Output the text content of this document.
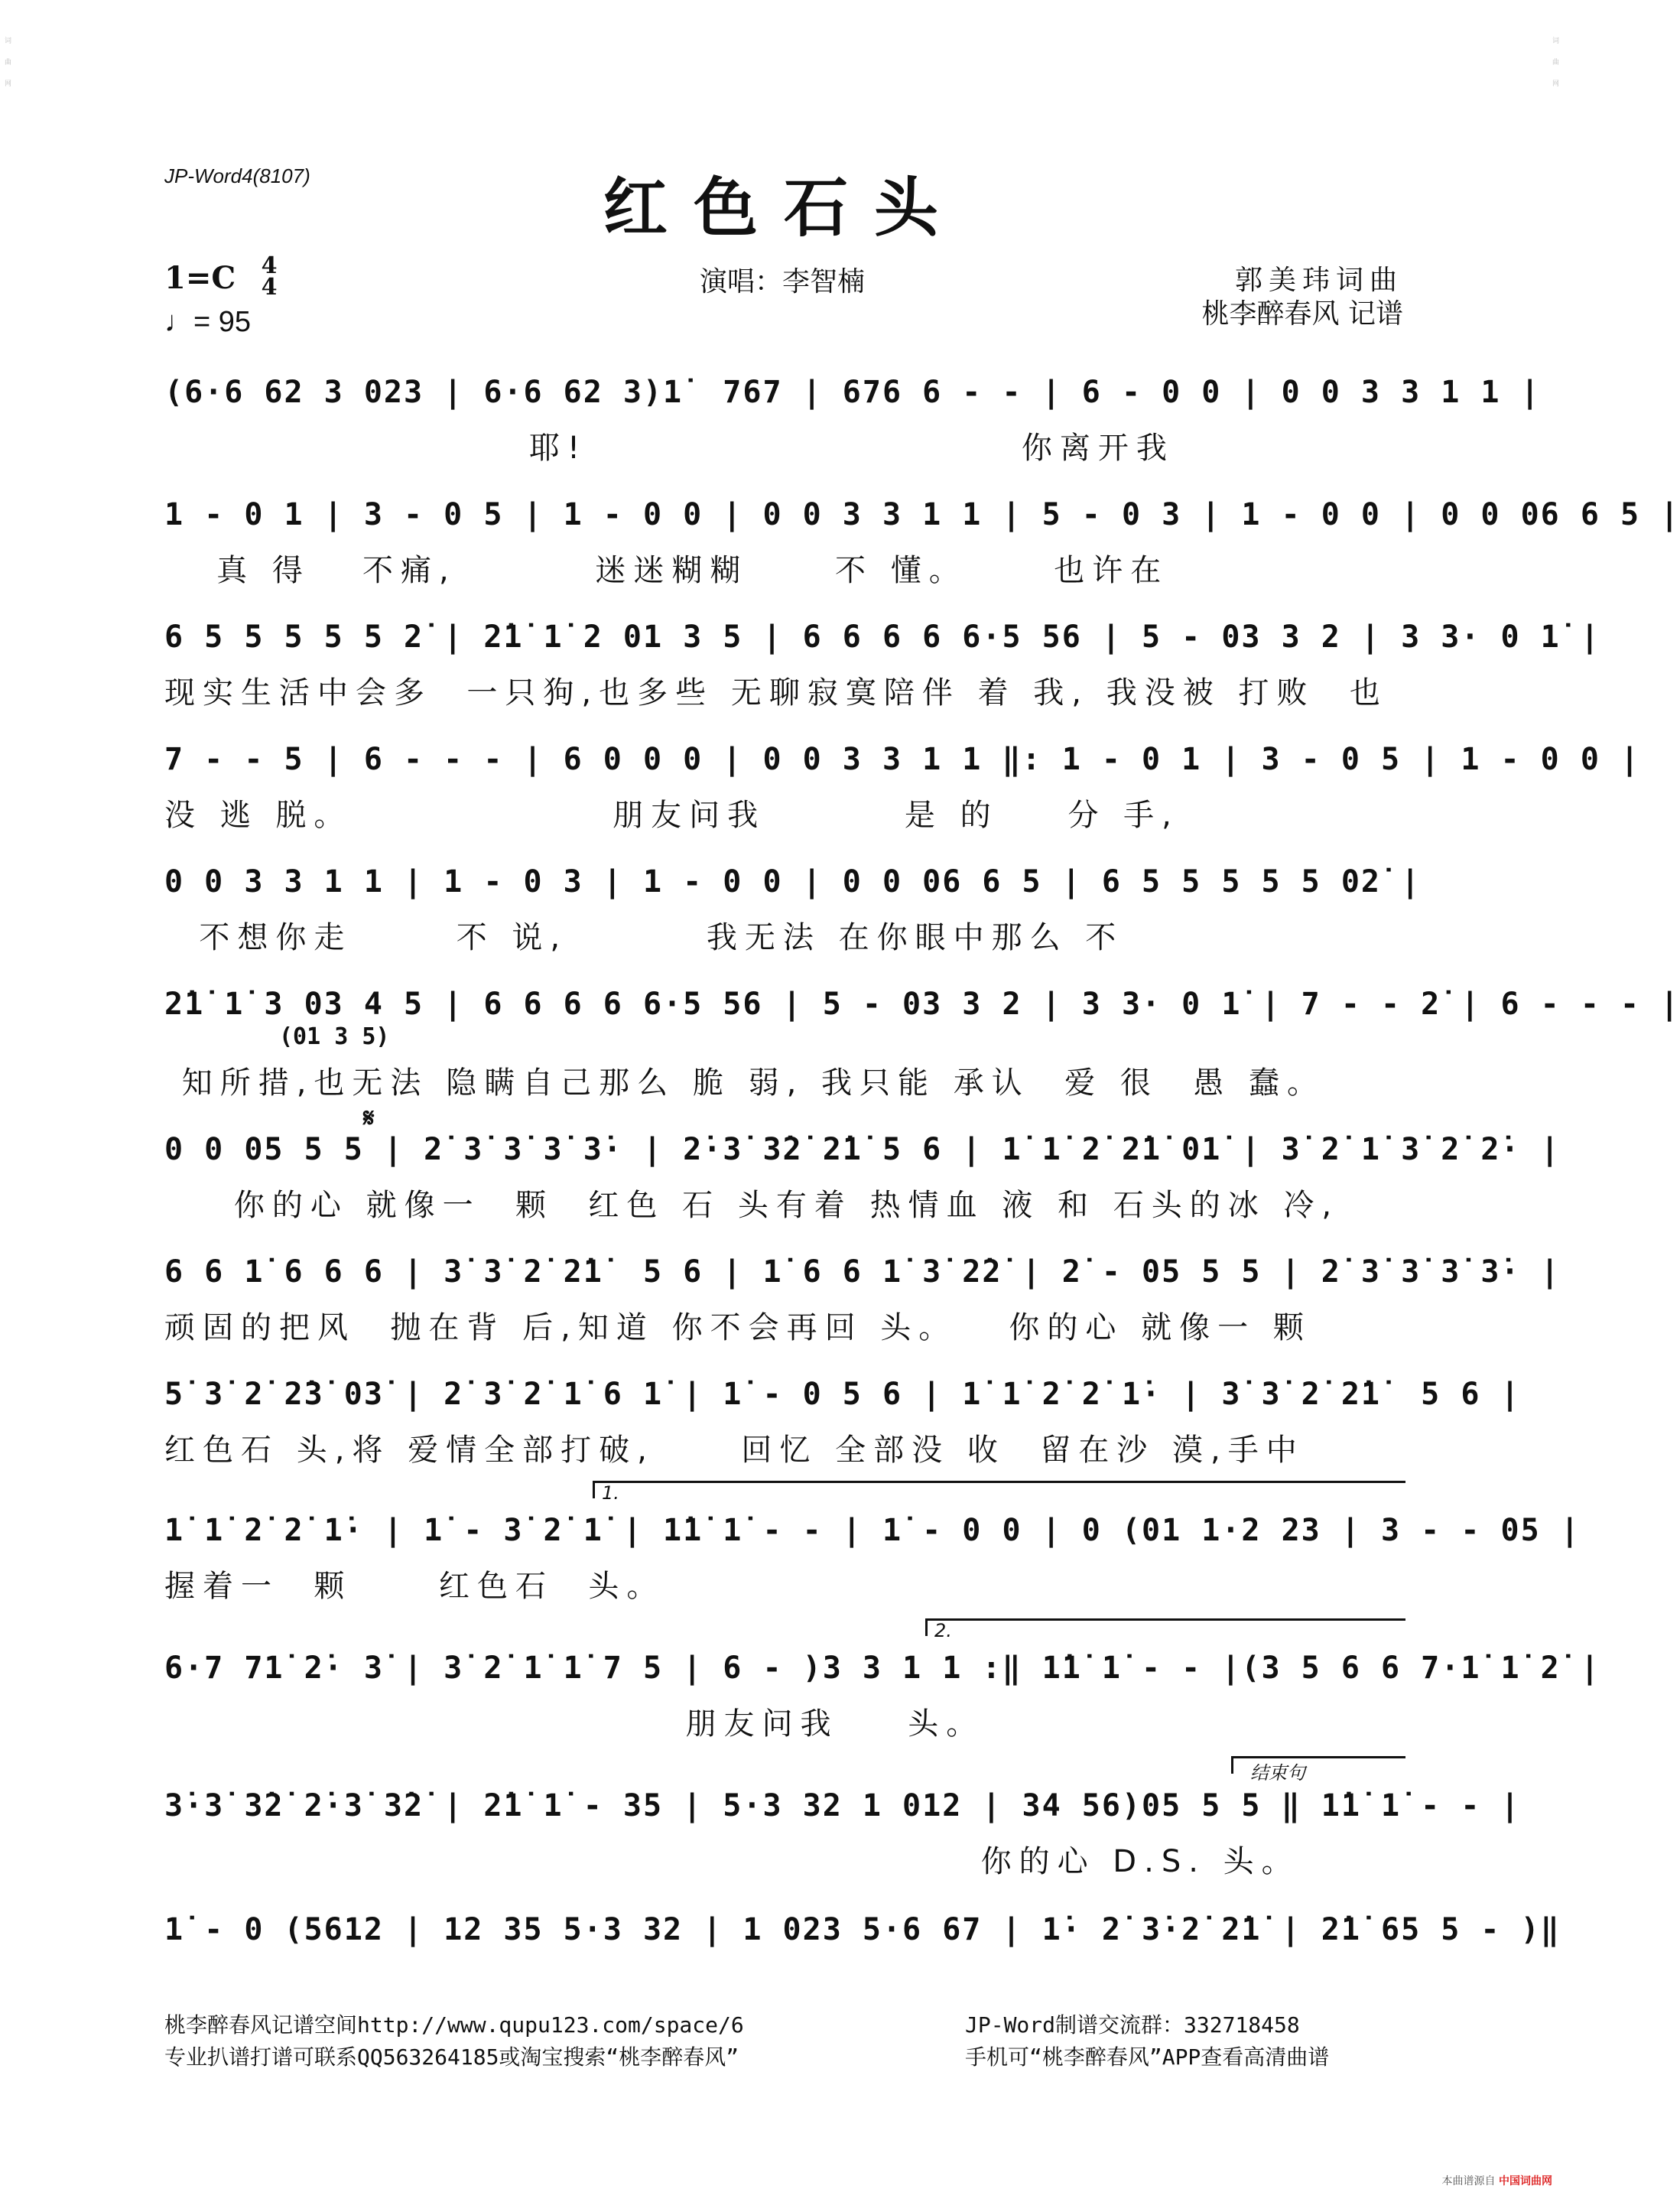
词曲网
词曲网
JP-Word4(8107)	红色石头
1=C 4
4
♩= 95
演唱：李智楠	郭美玮词曲
桃李醉春风 记谱
(6·6 62 3 023 | 6·6 62 3)1̇  767 | 676 6 - - | 6 - 0 0 | 0 0 3 3 1 1 |
耶!                         你离开我
1 - 0 1 | 3 - 0 5 | 1 - 0 0 | 0 0 3 3 1 1 | 5 - 0 3 | 1 - 0 0 | 0 0 06 6 5 |
真 得   不痛,        迷迷糊糊     不 懂。     也许在
6 5 5 5 5 5 2̇ | 2̇1̇ 1̇ 2 01 3 5 | 6 6 6 6 6·5 56 | 5 - 03 3 2 | 3 3· 0 1̇ |
现实生活中会多  一只狗,也多些 无聊寂寞陪伴 着 我, 我没被 打败  也
7 - - 5 | 6 - - - | 6 0 0 0 | 0 0 3 3 1 1 ‖: 1 - 0 1 | 3 - 0 5 | 1 - 0 0 |
没 逃 脱。               朋友问我        是 的    分 手,
0 0 3 3 1 1 | 1 - 0 3 | 1 - 0 0 | 0 0 06 6 5 | 6 5 5 5 5 5 02̇ |
不想你走      不 说,        我无法 在你眼中那么 不
2̇1̇ 1̇ 3 03 4 5 | 6 6 6 6 6·5 56 | 5 - 03 3 2 | 3 3· 0 1̇ | 7 - - 2̇ | 6 - - - |
(01 3 5)
知所措,也无法 隐瞒自己那么 脆 弱, 我只能 承认  爱 很  愚 蠢。
𝄋
0 0 05 5 5 | 2̇ 3̇ 3̇ 3̇ 3̇· | 2̇·3̇ 3̇2̇ 2̇1̇ 5 6 | 1̇ 1̇ 2̇ 2̇1̇ 01̇ | 3̇ 2̇ 1̇ 3̇ 2̇ 2̇· |
你的心 就像一  颗  红色 石 头有着 热情血 液 和 石头的冰 冷,
6 6 1̇ 6 6 6 | 3̇ 3̇ 2̇ 2̇1̇  5 6 | 1̇ 6 6 1̇ 3̇ 2̇2̇ | 2̇ - 05 5 5 | 2̇ 3̇ 3̇ 3̇ 3̇· |
顽固的把风  抛在背 后,知道 你不会再回 头。   你的心 就像一 颗
5̇ 3̇ 2̇ 2̇3̇ 03̇ | 2̇ 3̇ 2̇ 1̇ 6 1̇ | 1̇ - 0 5 6 | 1̇ 1̇ 2̇ 2̇ 1̇· | 3̇ 3̇ 2̇ 2̇1̇  5 6 |
红色石 头,将 爱情全部打破,     回忆 全部没 收  留在沙 漠,手中
1.
1̇ 1̇ 2̇ 2̇ 1̇· | 1̇ - 3̇ 2̇ 1̇ | 1̇1̇ 1̇ - - | 1̇ - 0 0 | 0 (01 1·2 23 | 3 - - 05 |
握着一  颗     红色石  头。
2.
6·7 71̇ 2̇· 3̇ | 3̇ 2̇ 1̇ 1̇ 7 5 | 6 - )3 3 1 1 :‖ 1̇1̇ 1̇ - - |(3 5 6 6 7·1̇ 1̇ 2̇ |
朋友问我    头。
结束句
3̇·3̇ 3̇2̇ 2̇·3̇ 3̇2̇ | 2̇1̇ 1̇ - 35 | 5·3 32 1 012 | 34 56)05 5 5 ‖ 1̇1̇ 1̇ - - |
你的心 D.S. 头。
1̇ - 0 (5612 | 12 35 5·3 32 | 1 023 5·6 67 | 1̇· 2̇ 3̇·2̇ 2̇1̇ | 2̇1̇ 65 5 - )‖
桃李醉春风记谱空间http://www.qupu123.com/space/6	JP-Word制谱交流群：332718458
专业扒谱打谱可联系QQ563264185或淘宝搜索“桃李醉春风”	手机可“桃李醉春风”APP查看高清曲谱
本曲谱源自 中国词曲网
